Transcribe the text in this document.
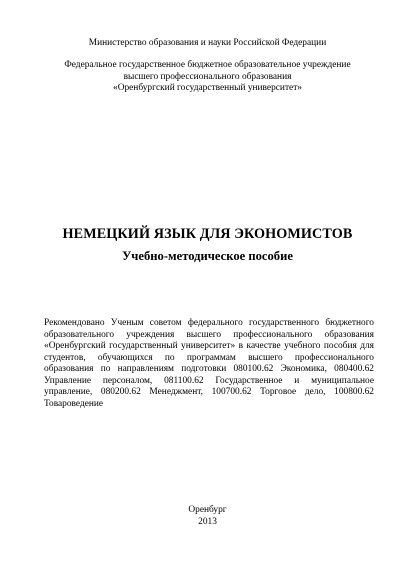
Министерство образования и науки Российской Федерации
Федеральное государственное бюджетное образовательное учреждение
высшего профессионального образования
«Оренбургский государственный университет»
НЕМЕЦКИЙ ЯЗЫК ДЛЯ ЭКОНОМИСТОВ
Учебно-методическое пособие
Рекомендовано Ученым советом федерального государственного бюджетного
образовательного учреждения высшего профессионального образования
«Оренбургский государственный университет» в качестве учебного пособия для
студентов, обучающихся по программам высшего профессионального
образования по направлениям подготовки 080100.62 Экономика, 080400.62
Управление персоналом, 081100.62 Государственное и муниципальное
управление, 080200.62 Менеджмент, 100700.62 Торговое дело, 100800.62
Товароведение
Оренбург
2013
